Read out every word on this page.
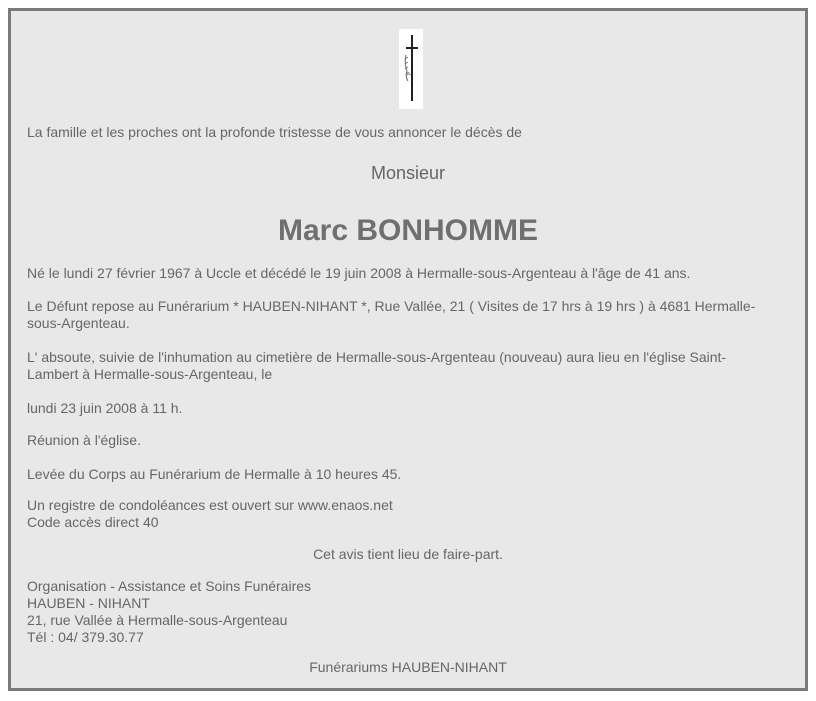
La famille et les proches ont la profonde tristesse de vous annoncer le décès de

Monsieur

Marc BONHOMME

Né le lundi 27 février 1967 à Uccle et décédé le 19 juin 2008 à Hermalle-sous-Argenteau à l'âge de 41 ans.

Le Défunt repose au Funérarium * HAUBEN-NIHANT *, Rue Vallée, 21 ( Visites de 17 hrs à 19 hrs ) à 4681 Hermalle-
sous-Argenteau.
L' absoute, suivie de l'inhumation au cimetière de Hermalle-sous-Argenteau (nouveau) aura lieu en l'église Saint-
Lambert à Hermalle-sous-Argenteau, le

lundi 23 juin 2008 à 11 h.

Réunion à l'église.

Levée du Corps au Funérarium de Hermalle à 10 heures 45.

Un registre de condoléances est ouvert sur www.enaos.net
Code accès direct 40

Cet avis tient lieu de faire-part.

Organisation - Assistance et Soins Funéraires
HAUBEN - NIHANT
21, rue Vallée à Hermalle-sous-Argenteau
Tél : 04/ 379.30.77

Funérariums HAUBEN-NIHANT
